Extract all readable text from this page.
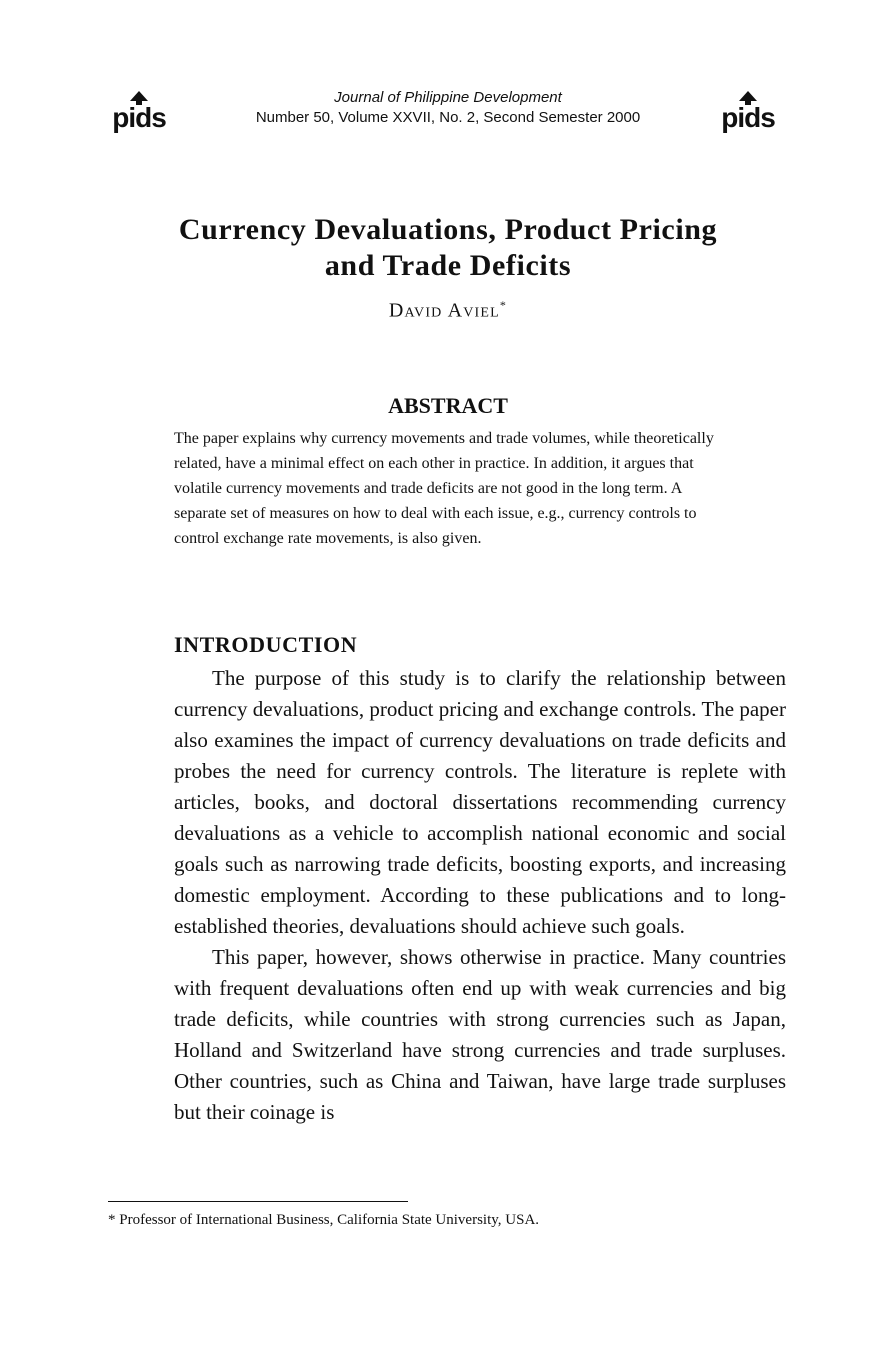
pids	pids
Journal of Philippine Development
Number 50, Volume XXVII, No. 2, Second Semester 2000
Currency Devaluations, Product Pricing
and Trade Deficits
David Aviel*
ABSTRACT
The paper explains why currency movements and trade volumes, while theoretically related, have a minimal effect on each other in practice. In addition, it argues that volatile currency movements and trade deficits are not good in the long term. A separate set of measures on how to deal with each issue, e.g., currency controls to control exchange rate movements, is also given.
INTRODUCTION

The purpose of this study is to clarify the relationship between currency devaluations, product pricing and exchange controls. The paper also examines the impact of currency devaluations on trade deficits and probes the need for currency controls. The literature is replete with articles, books, and doctoral dissertations recommending currency devaluations as a vehicle to accomplish national economic and social goals such as narrowing trade deficits, boosting exports, and increasing domestic employment. According to these publications and to long-established theories, devaluations should achieve such goals.

This paper, however, shows otherwise in practice. Many countries with frequent devaluations often end up with weak currencies and big trade deficits, while countries with strong currencies such as Japan, Holland and Switzerland have strong currencies and trade surpluses. Other countries, such as China and Taiwan, have large trade surpluses but their coinage is

* Professor of International Business, California State University, USA.
